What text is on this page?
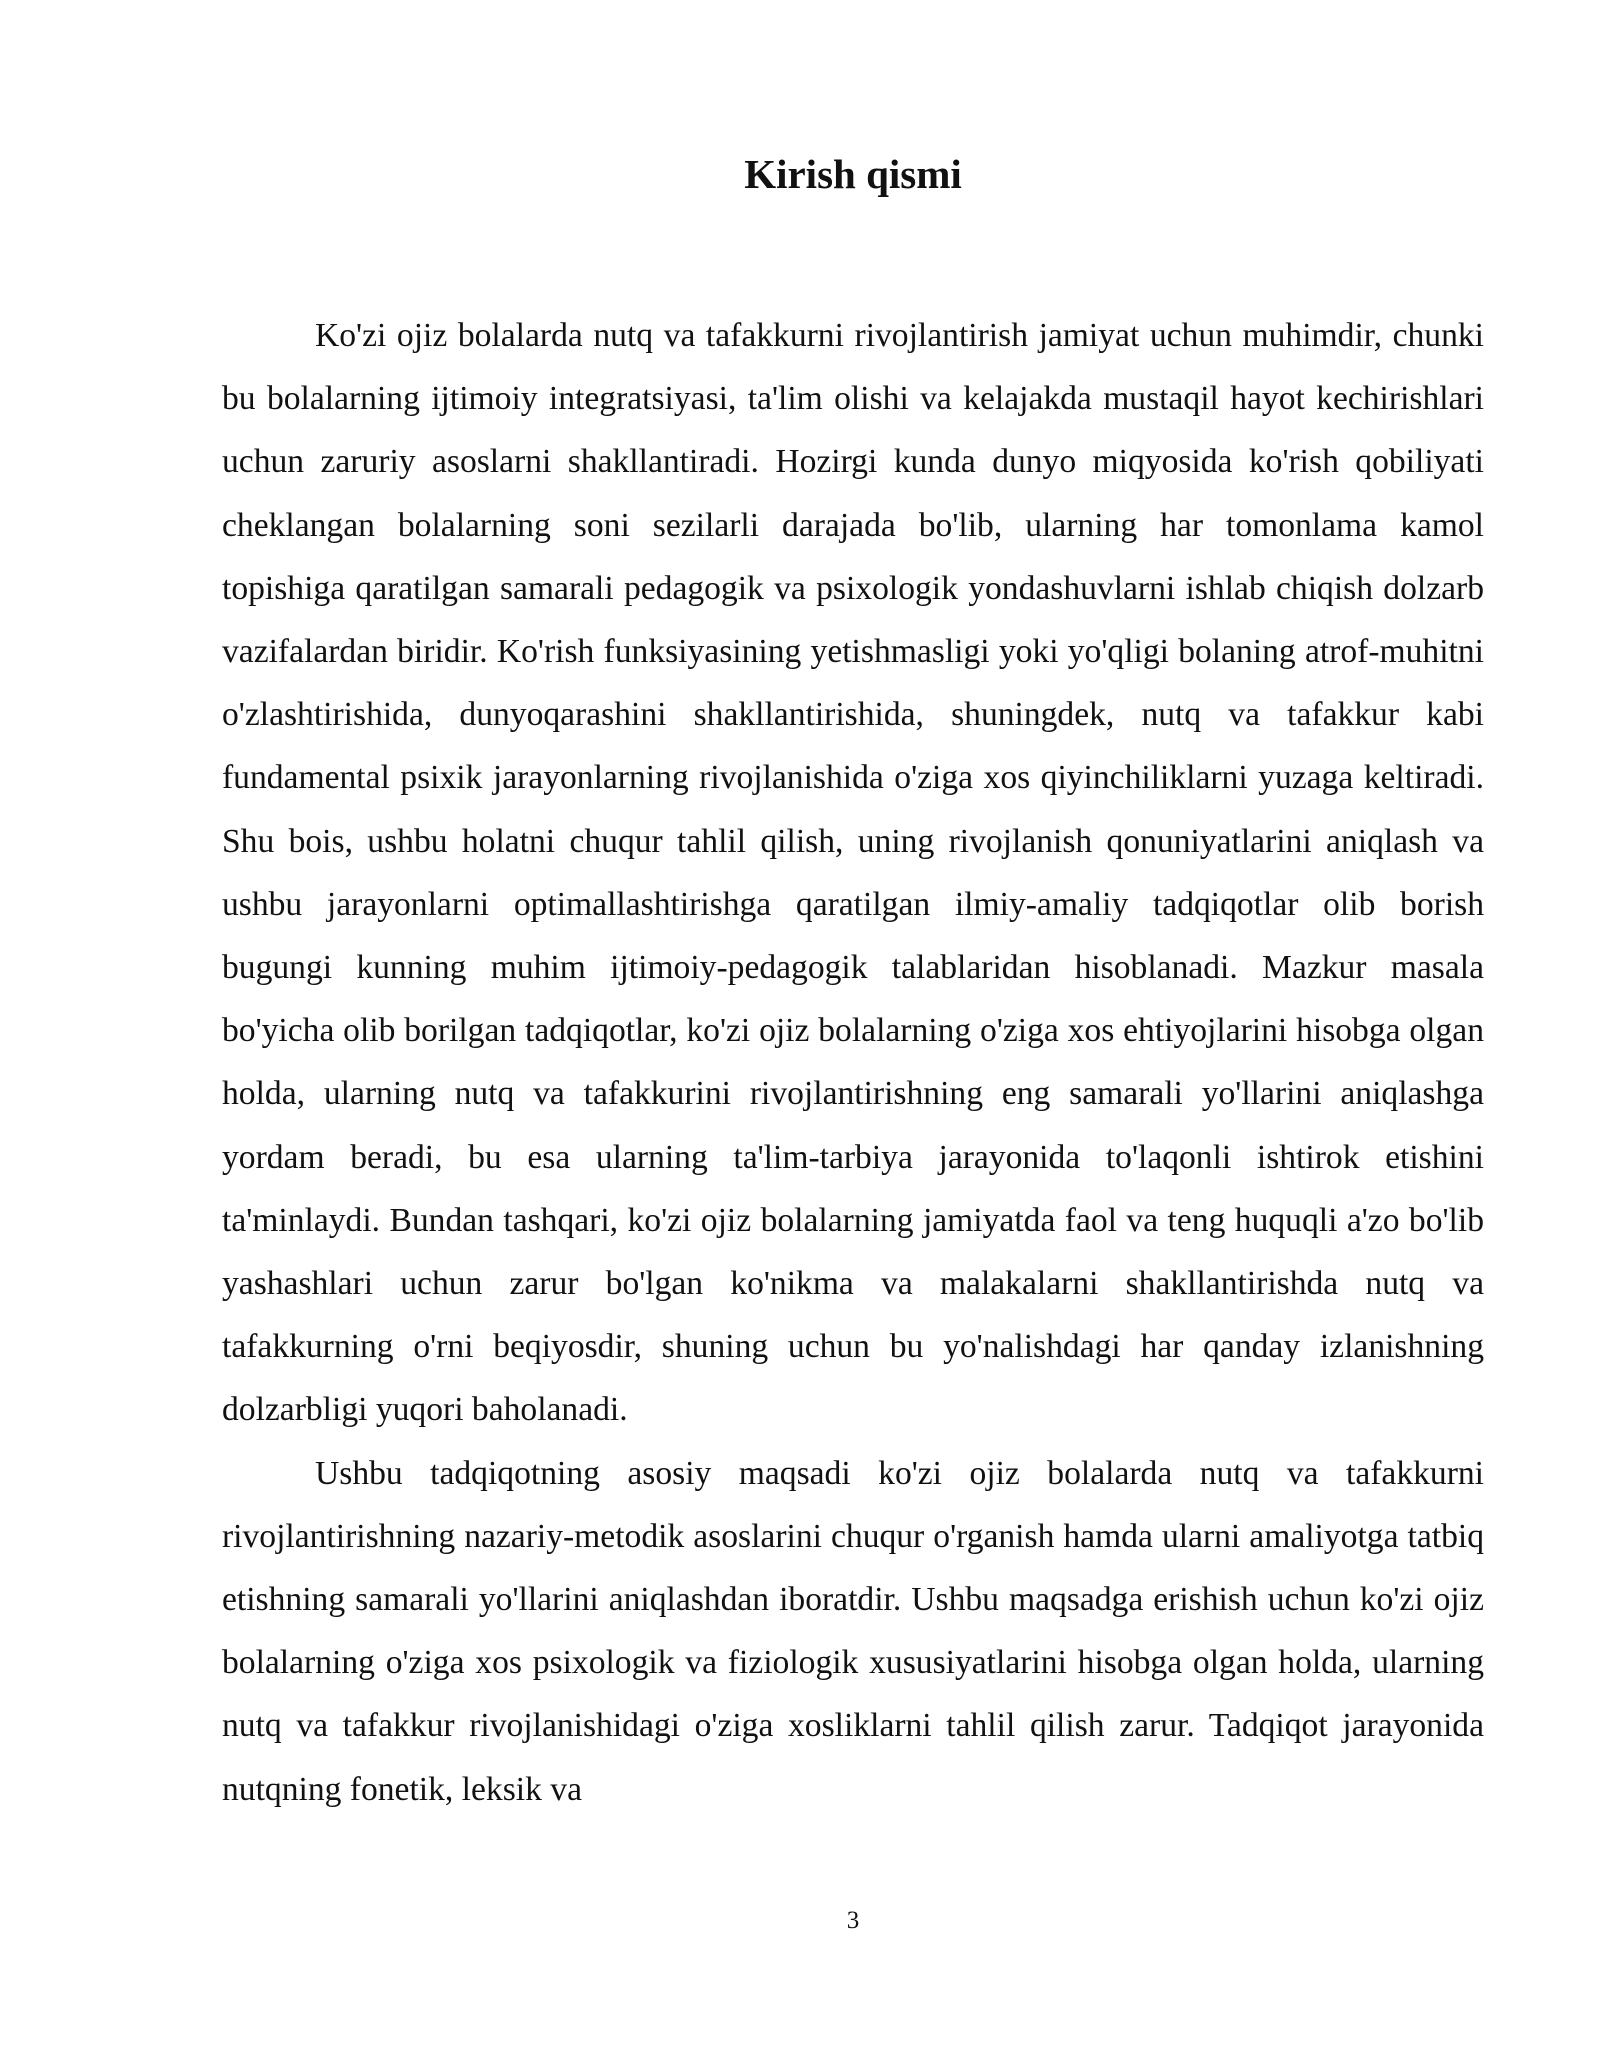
Kirish qismi

Ko'zi ojiz bolalarda nutq va tafakkurni rivojlantirish jamiyat uchun muhimdir, chunki bu bolalarning ijtimoiy integratsiyasi, ta'lim olishi va kelajakda mustaqil hayot kechirishlari uchun zaruriy asoslarni shakllantiradi. Hozirgi kunda dunyo miqyosida ko'rish qobiliyati cheklangan bolalarning soni sezilarli darajada bo'lib, ularning har tomonlama kamol topishiga qaratilgan samarali pedagogik va psixologik yondashuvlarni ishlab chiqish dolzarb vazifalardan biridir. Ko'rish funksiyasining yetishmasligi yoki yo'qligi bolaning atrof-muhitni o'zlashtirishida, dunyoqarashini shakllantirishida, shuningdek, nutq va tafakkur kabi fundamental psixik jarayonlarning rivojlanishida o'ziga xos qiyinchiliklarni yuzaga keltiradi. Shu bois, ushbu holatni chuqur tahlil qilish, uning rivojlanish qonuniyatlarini aniqlash va ushbu jarayonlarni optimallashtirishga qaratilgan ilmiy-amaliy tadqiqotlar olib borish bugungi kunning muhim ijtimoiy-pedagogik talablaridan hisoblanadi. Mazkur masala bo'yicha olib borilgan tadqiqotlar, ko'zi ojiz bolalarning o'ziga xos ehtiyojlarini hisobga olgan holda, ularning nutq va tafakkurini rivojlantirishning eng samarali yo'llarini aniqlashga yordam beradi, bu esa ularning ta'lim-tarbiya jarayonida to'laqonli ishtirok etishini ta'minlaydi. Bundan tashqari, ko'zi ojiz bolalarning jamiyatda faol va teng huquqli a'zo bo'lib yashashlari uchun zarur bo'lgan ko'nikma va malakalarni shakllantirishda nutq va tafakkurning o'rni beqiyosdir, shuning uchun bu yo'nalishdagi har qanday izlanishning dolzarbligi yuqori baholanadi.

Ushbu tadqiqotning asosiy maqsadi ko'zi ojiz bolalarda nutq va tafakkurni rivojlantirishning nazariy-metodik asoslarini chuqur o'rganish hamda ularni amaliyotga tatbiq etishning samarali yo'llarini aniqlashdan iboratdir. Ushbu maqsadga erishish uchun ko'zi ojiz bolalarning o'ziga xos psixologik va fiziologik xususiyatlarini hisobga olgan holda, ularning nutq va tafakkur rivojlanishidagi o'ziga xosliklarni tahlil qilish zarur. Tadqiqot jarayonida nutqning fonetik, leksik va

3
